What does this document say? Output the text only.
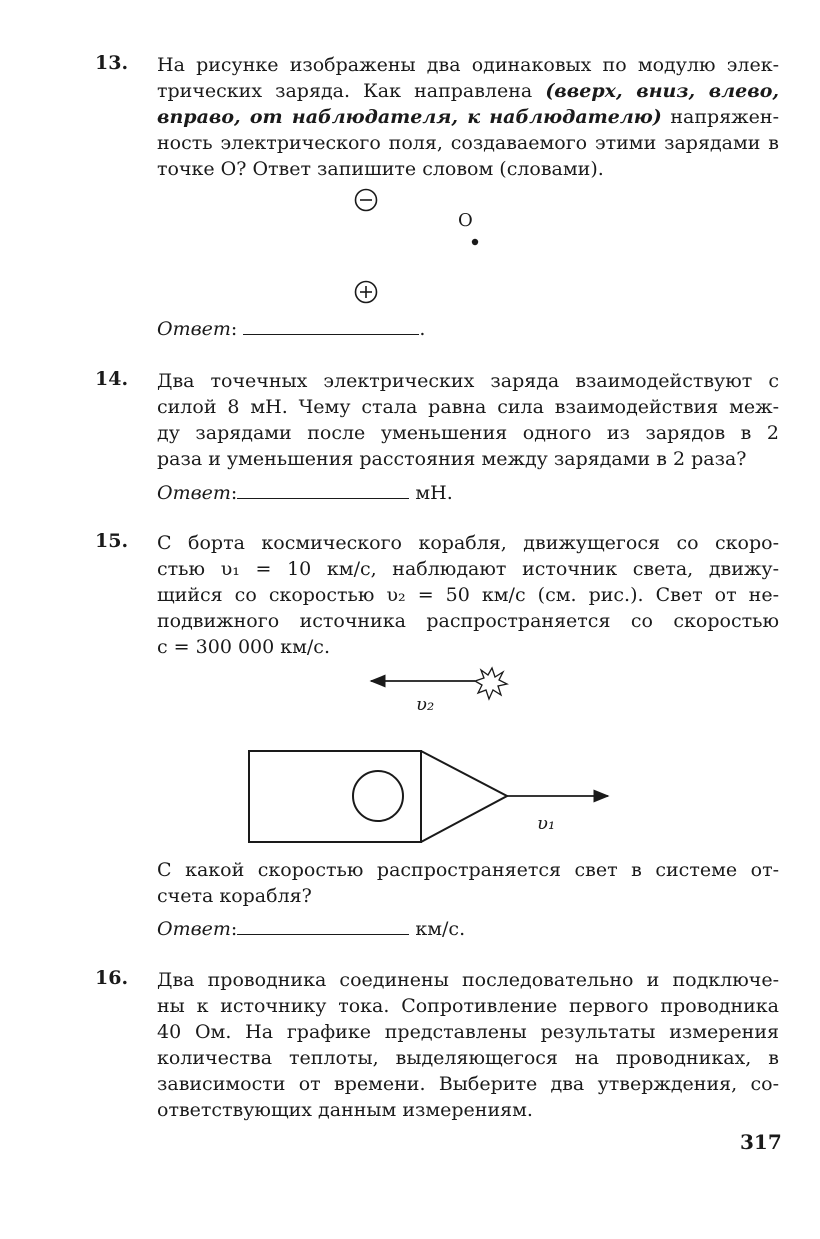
13. На рисунке изображены два одинаковых по модулю элек-
трических заряда. Как направлена (вверх, вниз, влево,
вправо, от наблюдателя, к наблюдателю) напряжен-
ность электрического поля, создаваемого этими зарядами в
точке О? Ответ запишите словом (словами).
O
Ответ:	.
14. Два точечных электрических заряда взаимодействуют с
силой 8 мН. Чему стала равна сила взаимодействия меж-
ду зарядами после уменьшения одного из зарядов в 2
раза и уменьшения расстояния между зарядами в 2 раза?
Ответ:	мН.
15. С борта космического корабля, движущегося со скоро-
стью υ₁ = 10 км/с, наблюдают источник света, движу-
щийся со скоростью υ₂ = 50 км/с (см. рис.). Свет от не-
подвижного источника распространяется со скоростью
c = 300 000 км/с.
υ₂
υ₁
С какой скоростью распространяется свет в системе от-
счета корабля?
Ответ:	км/с.
16. Два проводника соединены последовательно и подключе-
ны к источнику тока. Сопротивление первого проводника
40 Ом. На графике представлены результаты измерения
количества теплоты, выделяющегося на проводниках, в
зависимости от времени. Выберите два утверждения, со-
ответствующих данным измерениям.
317
